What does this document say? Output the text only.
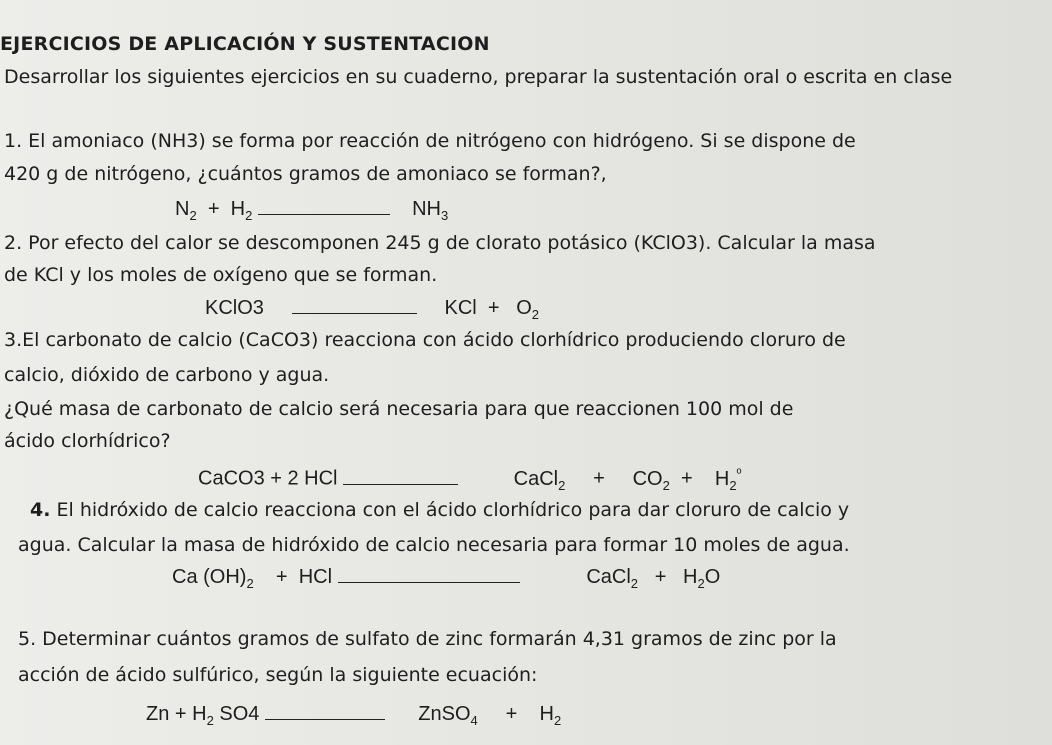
EJERCICIOS DE APLICACIÓN Y SUSTENTACION
Desarrollar los siguientes ejercicios en su cuaderno, preparar la sustentación oral o escrita en clase
1. El amoniaco (NH3) se forma por reacción de nitrógeno con hidrógeno. Si se dispone de
420 g de nitrógeno, ¿cuántos gramos de amoniaco se forman?,
$N_2 + H_2$	$NH_3$
2. Por efecto del calor se descomponen 245 g de clorato potásico (KClO3). Calcular la masa
de KCl y los moles de oxígeno que se forman.
KClO3	KCl + $O_2$
3.El carbonato de calcio (CaCO3) reacciona con ácido clorhídrico produciendo cloruro de
calcio, dióxido de carbono y agua.
¿Qué masa de carbonato de calcio será necesaria para que reaccionen 100 mol de
ácido clorhídrico?
CaCO3 + 2 HCl	CaCl$_2$ + $CO_2 + H_2^º$
4. El hidróxido de calcio reacciona con el ácido clorhídrico para dar cloruro de calcio y
agua. Calcular la masa de hidróxido de calcio necesaria para formar 10 moles de agua.
Ca $(OH)_2$ + HCl	CaCl$_2$ + $H_2O$
5. Determinar cuántos gramos de sulfato de zinc formarán 4,31 gramos de zinc por la
acción de ácido sulfúrico, según la siguiente ecuación:
$Zn + H_2$ SO4	ZnSO$_4$ + $H_2$
